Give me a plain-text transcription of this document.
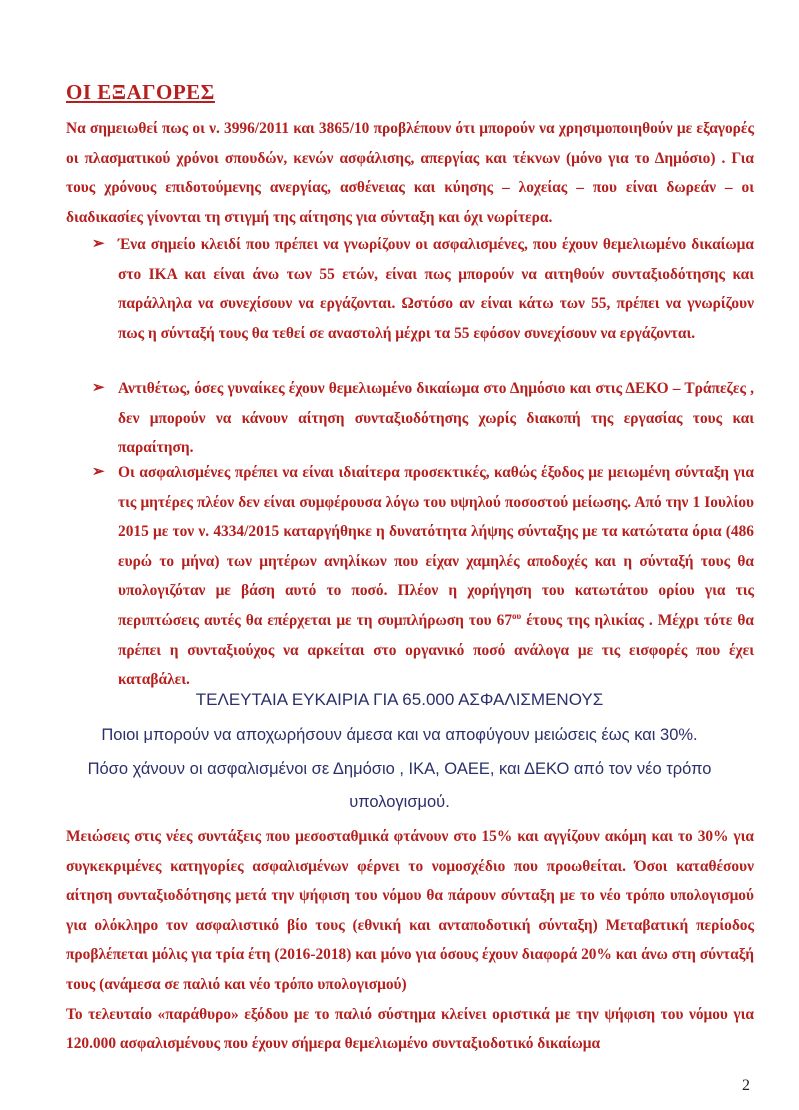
ΟΙ ΕΞΑΓΟΡΕΣ
Να σημειωθεί πως οι ν. 3996/2011 και 3865/10 προβλέπουν ότι μπορούν να χρησιμοποιηθούν με εξαγορές οι πλασματικού χρόνοι σπουδών, κενών ασφάλισης, απεργίας και τέκνων (μόνο για το Δημόσιο) . Για τους χρόνους επιδοτούμενης ανεργίας, ασθένειας και κύησης – λοχείας – που είναι δωρεάν – οι διαδικασίες γίνονται τη στιγμή της αίτησης για σύνταξη και όχι νωρίτερα.
➢ Ένα σημείο κλειδί που πρέπει να γνωρίζουν οι ασφαλισμένες, που έχουν θεμελιωμένο δικαίωμα στο ΙΚΑ και είναι άνω των 55 ετών, είναι πως μπορούν να αιτηθούν συνταξιοδότησης και παράλληλα να συνεχίσουν να εργάζονται. Ωστόσο αν είναι κάτω των 55, πρέπει να γνωρίζουν πως η σύνταξή τους θα τεθεί σε αναστολή μέχρι τα 55 εφόσον συνεχίσουν να εργάζονται.
➢ Αντιθέτως, όσες γυναίκες έχουν θεμελιωμένο δικαίωμα στο Δημόσιο και στις ΔΕΚΟ – Τράπεζες , δεν μπορούν να κάνουν αίτηση συνταξιοδότησης χωρίς διακοπή της εργασίας τους και παραίτηση.
➢ Οι ασφαλισμένες πρέπει να είναι ιδιαίτερα προσεκτικές, καθώς έξοδος με μειωμένη σύνταξη για τις μητέρες πλέον δεν είναι συμφέρουσα λόγω του υψηλού ποσοστού μείωσης. Από την 1 Ιουλίου 2015 με τον ν. 4334/2015 καταργήθηκε η δυνατότητα λήψης σύνταξης με τα κατώτατα όρια (486 ευρώ το μήνα) των μητέρων ανηλίκων που είχαν χαμηλές αποδοχές και η σύνταξή τους θα υπολογιζόταν με βάση αυτό το ποσό. Πλέον η χορήγηση του κατωτάτου ορίου για τις περιπτώσεις αυτές θα επέρχεται με τη συμπλήρωση του $67^{o\upsilon}$ έτους της ηλικίας . Μέχρι τότε θα πρέπει η συνταξιούχος να αρκείται στο οργανικό ποσό ανάλογα με τις εισφορές που έχει καταβάλει.
ΤΕΛΕΥΤΑΙΑ ΕΥΚΑΙΡΙΑ ΓΙΑ 65.000 ΑΣΦΑΛΙΣΜΕΝΟΥΣ
Ποιοι μπορούν να αποχωρήσουν άμεσα και να αποφύγουν μειώσεις έως και 30%.
Πόσο χάνουν οι ασφαλισμένοι σε Δημόσιο , ΙΚΑ, ΟΑΕΕ, και ΔΕΚΟ από τον νέο τρόπο
υπολογισμού.
Μειώσεις στις νέες συντάξεις που μεσοσταθμικά φτάνουν στο 15% και αγγίζουν ακόμη και το 30% για συγκεκριμένες κατηγορίες ασφαλισμένων φέρνει το νομοσχέδιο που προωθείται. Όσοι καταθέσουν αίτηση συνταξιοδότησης μετά την ψήφιση του νόμου θα πάρουν σύνταξη με το νέο τρόπο υπολογισμού για ολόκληρο τον ασφαλιστικό βίο τους (εθνική και ανταποδοτική σύνταξη) Μεταβατική περίοδος προβλέπεται μόλις για τρία έτη (2016-2018) και μόνο για όσους έχουν διαφορά 20% και άνω στη σύνταξή τους (ανάμεσα σε παλιό και νέο τρόπο υπολογισμού)
Το τελευταίο «παράθυρο» εξόδου με το παλιό σύστημα κλείνει οριστικά με την ψήφιση του νόμου για 120.000 ασφαλισμένους που έχουν σήμερα θεμελιωμένο συνταξιοδοτικό δικαίωμα
2
